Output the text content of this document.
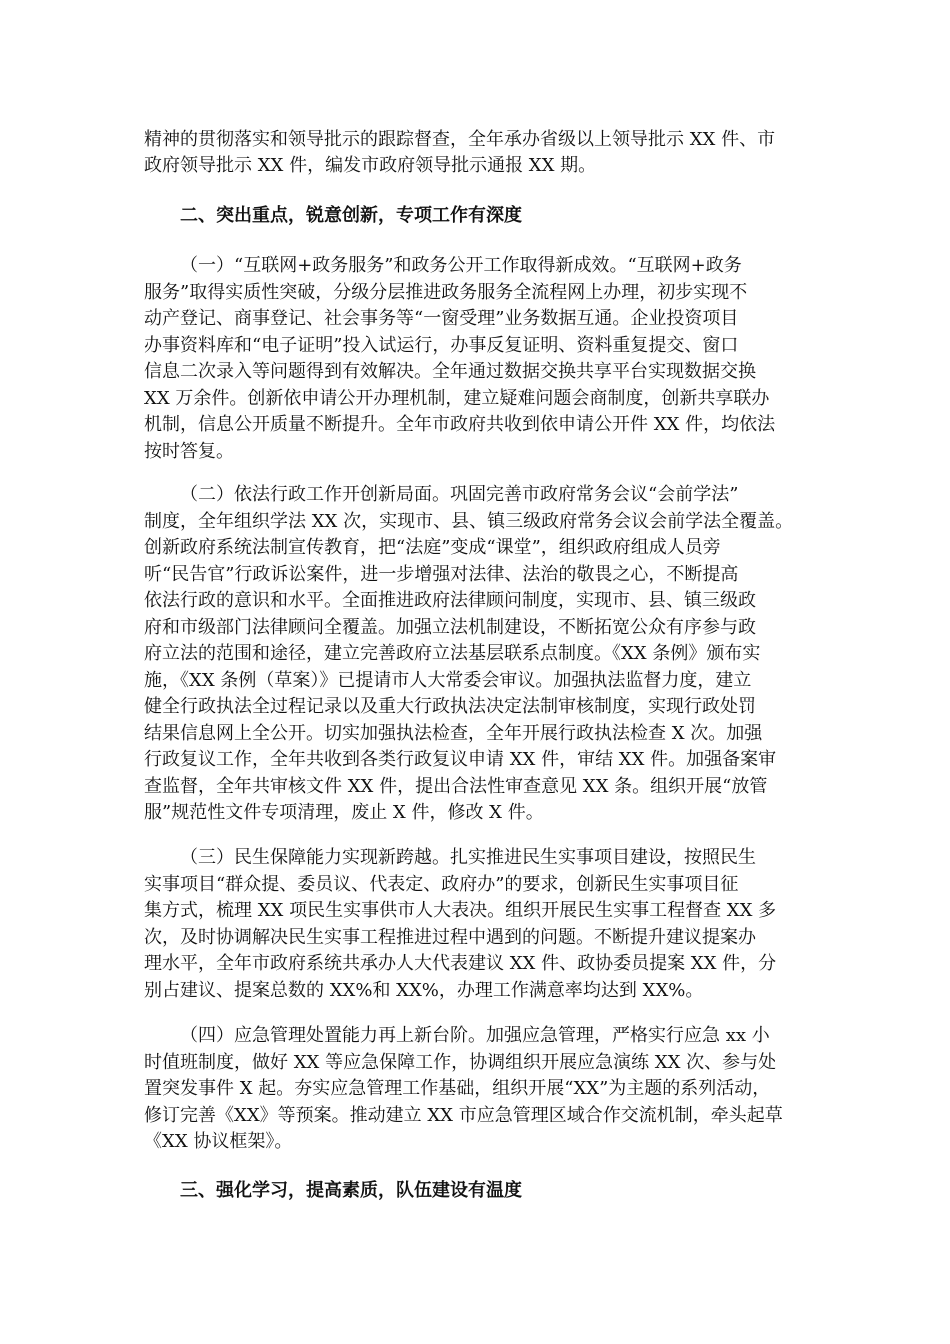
精神的贯彻落实和领导批示的跟踪督查，全年承办省级以上领导批示 XX 件、市
政府领导批示 XX 件，编发市政府领导批示通报 XX 期。
二、突出重点，锐意创新，专项工作有深度
（一）“互联网+政务服务”和政务公开工作取得新成效。“互联网+政务
服务”取得实质性突破，分级分层推进政务服务全流程网上办理，初步实现不
动产登记、商事登记、社会事务等“一窗受理”业务数据互通。企业投资项目
办事资料库和“电子证明”投入试运行，办事反复证明、资料重复提交、窗口
信息二次录入等问题得到有效解决。全年通过数据交换共享平台实现数据交换
XX 万余件。创新依申请公开办理机制，建立疑难问题会商制度，创新共享联办
机制，信息公开质量不断提升。全年市政府共收到依申请公开件 XX 件，均依法
按时答复。
（二）依法行政工作开创新局面。巩固完善市政府常务会议“会前学法”
制度，全年组织学法 XX 次，实现市、县、镇三级政府常务会议会前学法全覆盖。
创新政府系统法制宣传教育，把“法庭”变成“课堂”，组织政府组成人员旁
听“民告官”行政诉讼案件，进一步增强对法律、法治的敬畏之心，不断提高
依法行政的意识和水平。全面推进政府法律顾问制度，实现市、县、镇三级政
府和市级部门法律顾问全覆盖。加强立法机制建设，不断拓宽公众有序参与政
府立法的范围和途径，建立完善政府立法基层联系点制度。《XX 条例》颁布实
施，《XX 条例（草案）》已提请市人大常委会审议。加强执法监督力度，建立
健全行政执法全过程记录以及重大行政执法决定法制审核制度，实现行政处罚
结果信息网上全公开。切实加强执法检查，全年开展行政执法检查 X 次。加强
行政复议工作，全年共收到各类行政复议申请 XX 件，审结 XX 件。加强备案审
查监督，全年共审核文件 XX 件，提出合法性审查意见 XX 条。组织开展“放管
服”规范性文件专项清理，废止 X 件，修改 X 件。
（三）民生保障能力实现新跨越。扎实推进民生实事项目建设，按照民生
实事项目“群众提、委员议、代表定、政府办”的要求，创新民生实事项目征
集方式，梳理 XX 项民生实事供市人大表决。组织开展民生实事工程督查 XX 多
次，及时协调解决民生实事工程推进过程中遇到的问题。不断提升建议提案办
理水平，全年市政府系统共承办人大代表建议 XX 件、政协委员提案 XX 件，分
别占建议、提案总数的 XX%和 XX%，办理工作满意率均达到 XX%。
（四）应急管理处置能力再上新台阶。加强应急管理，严格实行应急 xx 小
时值班制度，做好 XX 等应急保障工作，协调组织开展应急演练 XX 次、参与处
置突发事件 X 起。夯实应急管理工作基础，组织开展“XX”为主题的系列活动，
修订完善《XX》等预案。推动建立 XX 市应急管理区域合作交流机制，牵头起草
《XX 协议框架》。
三、强化学习，提高素质，队伍建设有温度
